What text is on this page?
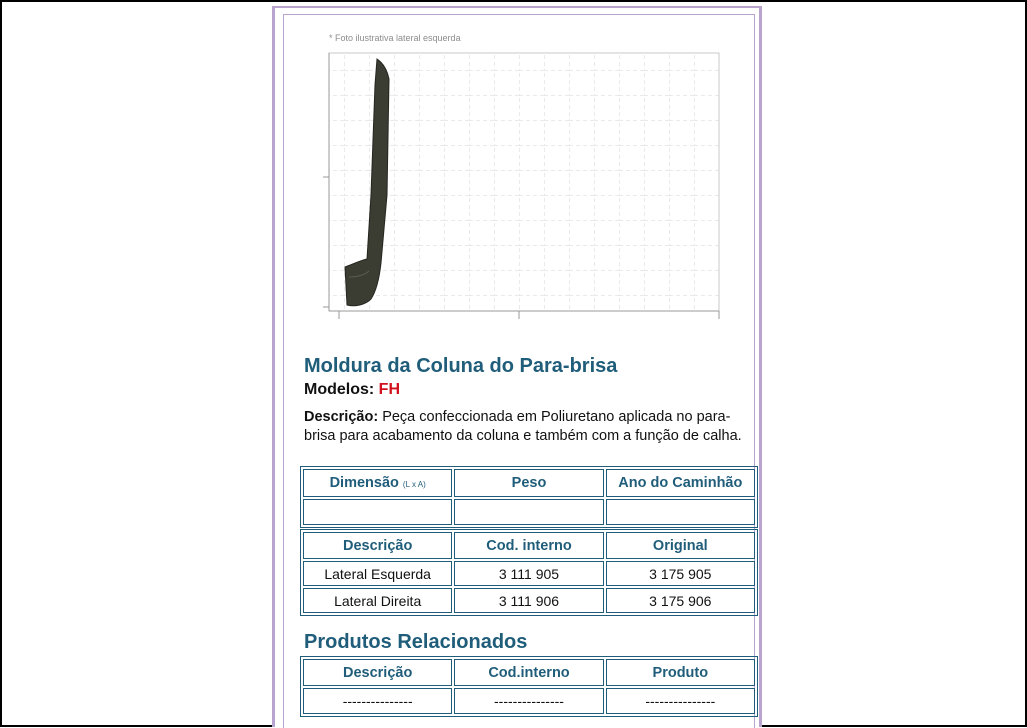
* Foto ilustrativa lateral esquerda
Moldura da Coluna do Para-brisa
Modelos: FH
Descrição: Peça confeccionada em Poliuretano aplicada no para-brisa para acabamento da coluna e também com a função de calha.
Dimensão (L x A)	Peso	Ano do Caminhão

Descrição	Cod. interno	Original
Lateral Esquerda	3 111 905	3 175 905
Lateral Direita	3 111 906	3 175 906
Produtos Relacionados
Descrição	Cod.interno	Produto
---------------	---------------	---------------
